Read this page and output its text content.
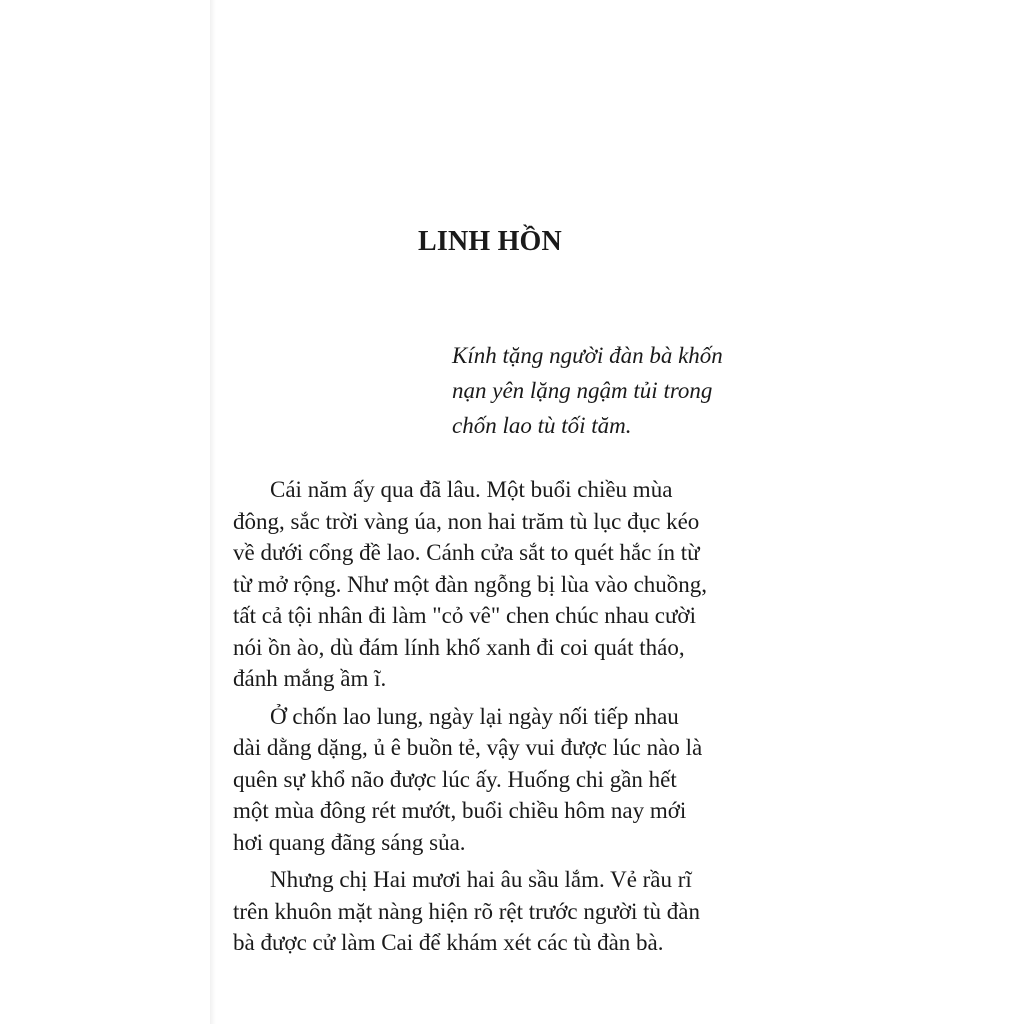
LINH HỒN
Kính tặng người đàn bà khốn
nạn yên lặng ngậm tủi trong
chốn lao tù tối tăm.
Cái năm ấy qua đã lâu. Một buổi chiều mùa
đông, sắc trời vàng úa, non hai trăm tù lục đục kéo
về dưới cổng đề lao. Cánh cửa sắt to quét hắc ín từ
từ mở rộng. Như một đàn ngỗng bị lùa vào chuồng,
tất cả tội nhân đi làm "cỏ vê" chen chúc nhau cười
nói ồn ào, dù đám lính khố xanh đi coi quát tháo,
đánh mắng ầm ĩ.
Ở chốn lao lung, ngày lại ngày nối tiếp nhau
dài dằng dặng, ủ ê buồn tẻ, vậy vui được lúc nào là
quên sự khổ não được lúc ấy. Huống chi gần hết
một mùa đông rét mướt, buổi chiều hôm nay mới
hơi quang đãng sáng sủa.
Nhưng chị Hai mươi hai âu sầu lắm. Vẻ rầu rĩ
trên khuôn mặt nàng hiện rõ rệt trước người tù đàn
bà được cử làm Cai để khám xét các tù đàn bà.
